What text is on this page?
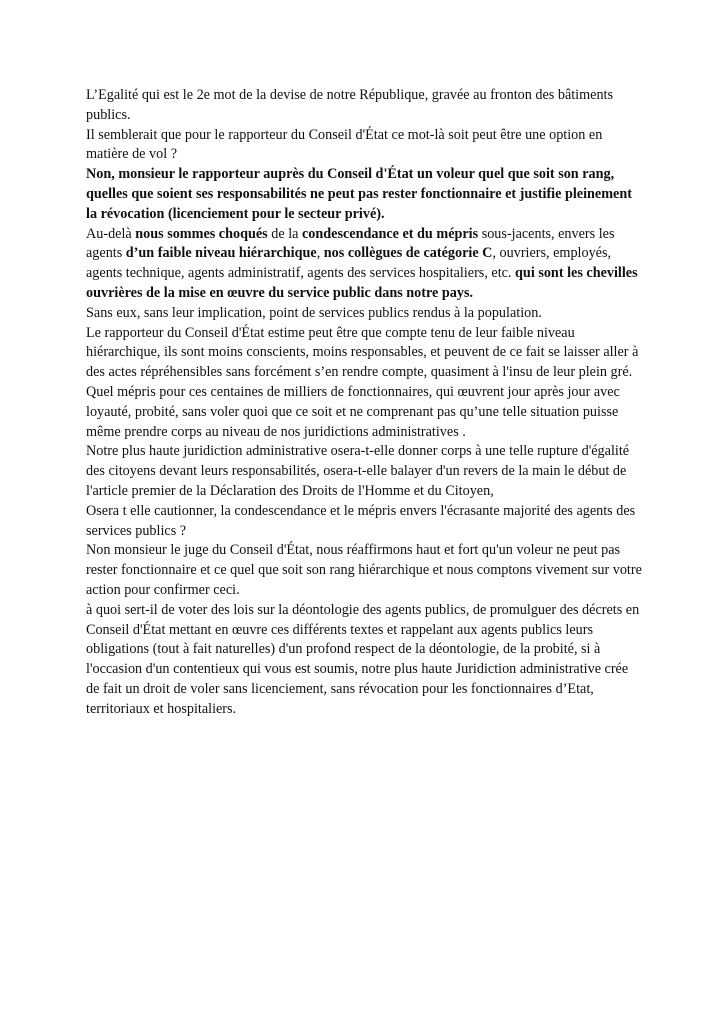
L’Egalité qui est le 2e mot de la devise de notre République, gravée au fronton des bâtiments publics.

Il semblerait que pour le rapporteur du Conseil d'État ce mot-là soit peut être une option en matière de vol ?

Non, monsieur le rapporteur auprès du Conseil d'État un voleur quel que soit son rang, quelles que soient ses responsabilités ne peut pas rester fonctionnaire et justifie pleinement la révocation (licenciement pour le secteur privé).

Au-delà nous sommes choqués de la condescendance et du mépris sous-jacents, envers les agents d’un faible niveau hiérarchique, nos collègues de catégorie C, ouvriers, employés, agents technique, agents administratif, agents des services hospitaliers, etc. qui sont les chevilles ouvrières de la mise en œuvre du service public dans notre pays.

Sans eux, sans leur implication, point de services publics rendus à la population.

Le rapporteur du Conseil d'État estime peut être que compte tenu de leur faible niveau hiérarchique, ils sont moins conscients, moins responsables, et peuvent de ce fait se laisser aller à des actes répréhensibles sans forcément s’en rendre compte, quasiment à l'insu de leur plein gré.

Quel mépris pour ces centaines de milliers de fonctionnaires, qui œuvrent jour après jour avec loyauté, probité, sans voler quoi que ce soit et ne comprenant pas qu’une telle situation puisse même prendre corps au niveau de nos juridictions administratives .

Notre plus haute juridiction administrative osera-t-elle donner corps à une telle rupture d'égalité des citoyens devant leurs responsabilités, osera-t-elle balayer d'un revers de la main le début de l'article premier de la Déclaration des Droits de l'Homme et du Citoyen,

Osera t elle cautionner, la condescendance et le mépris envers l'écrasante majorité des agents des services publics ?

Non monsieur le juge du Conseil d'État, nous réaffirmons haut et fort qu'un voleur ne peut pas rester fonctionnaire et ce quel que soit son rang hiérarchique et nous comptons vivement sur votre action pour confirmer ceci.

à quoi sert-il de voter des lois sur la déontologie des agents publics, de promulguer des décrets en Conseil d'État mettant en œuvre ces différents textes et rappelant aux agents publics leurs obligations (tout à fait naturelles) d'un profond respect de la déontologie, de la probité, si à l'occasion d'un contentieux qui vous est soumis, notre plus haute Juridiction administrative crée de fait un droit de voler sans licenciement, sans révocation pour les fonctionnaires d’Etat, territoriaux et hospitaliers.
